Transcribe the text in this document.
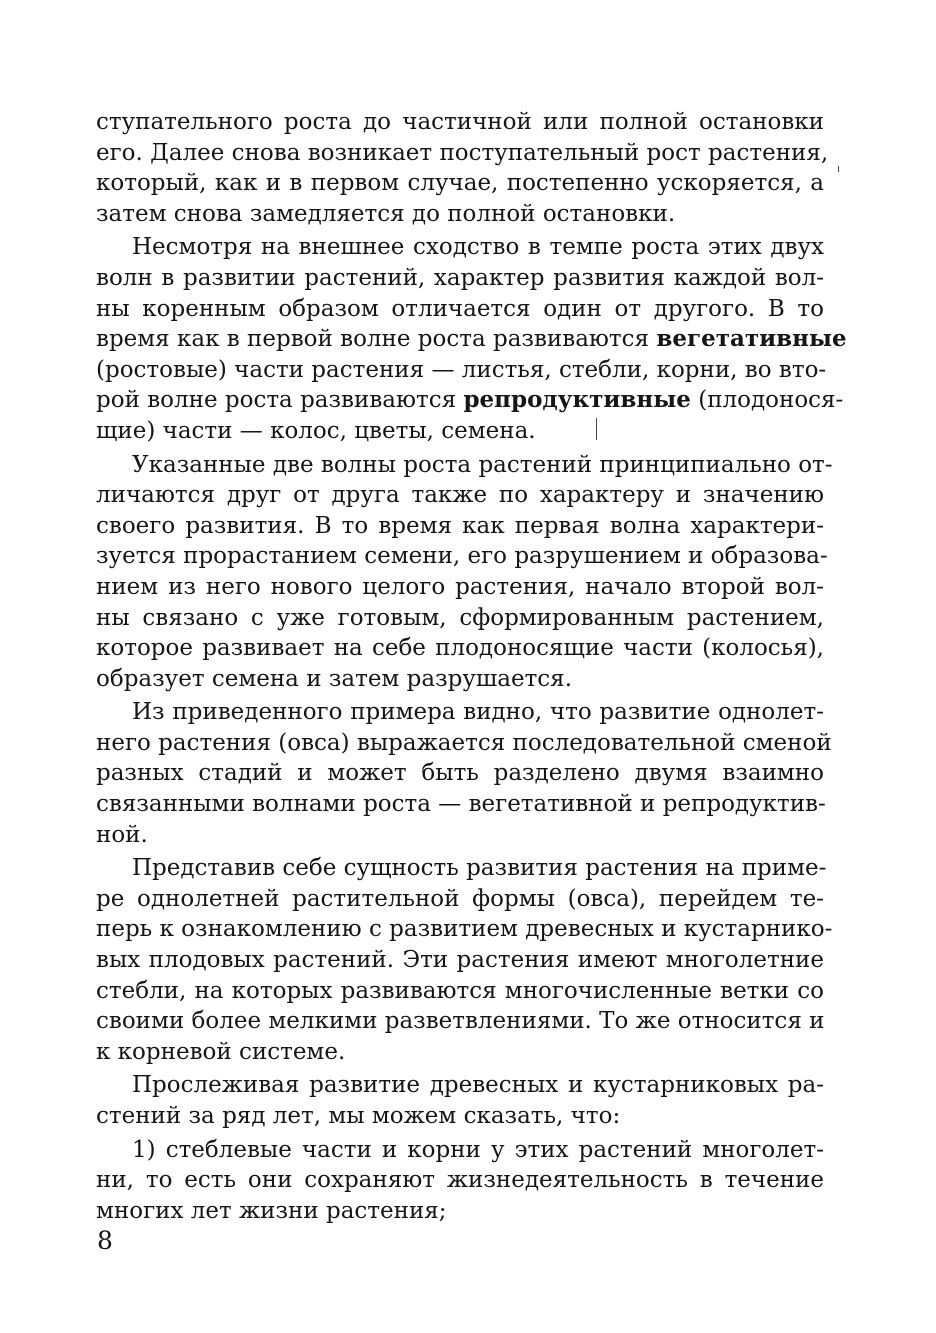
ступательного роста до частичной или полной остановки
его. Далее снова возникает поступательный рост растения,
который, как и в первом случае, постепенно ускоряется, а
затем снова замедляется до полной остановки.
Несмотря на внешнее сходство в темпе роста этих двух
волн в развитии растений, характер развития каждой вол-
ны коренным образом отличается один от другого. В то
время как в первой волне роста развиваются вегетативные
(ростовые) части растения — листья, стебли, корни, во вто-
рой волне роста развиваются репродуктивные (плодонося-
щие) части — колос, цветы, семена.
Указанные две волны роста растений принципиально от-
личаются друг от друга также по характеру и значению
своего развития. В то время как первая волна характери-
зуется прорастанием семени, его разрушением и образова-
нием из него нового целого растения, начало второй вол-
ны связано с уже готовым, сформированным растением,
которое развивает на себе плодоносящие части (колосья),
образует семена и затем разрушается.
Из приведенного примера видно, что развитие однолет-
него растения (овса) выражается последовательной сменой
разных стадий и может быть разделено двумя взаимно
связанными волнами роста — вегетативной и репродуктив-
ной.
Представив себе сущность развития растения на приме-
ре однолетней растительной формы (овса), перейдем те-
перь к ознакомлению с развитием древесных и кустарнико-
вых плодовых растений. Эти растения имеют многолетние
стебли, на которых развиваются многочисленные ветки со
своими более мелкими разветвлениями. То же относится и
к корневой системе.
Прослеживая развитие древесных и кустарниковых ра-
стений за ряд лет, мы можем сказать, что:
1) стеблевые части и корни у этих растений многолет-
ни, то есть они сохраняют жизнедеятельность в течение
многих лет жизни растения;
8
